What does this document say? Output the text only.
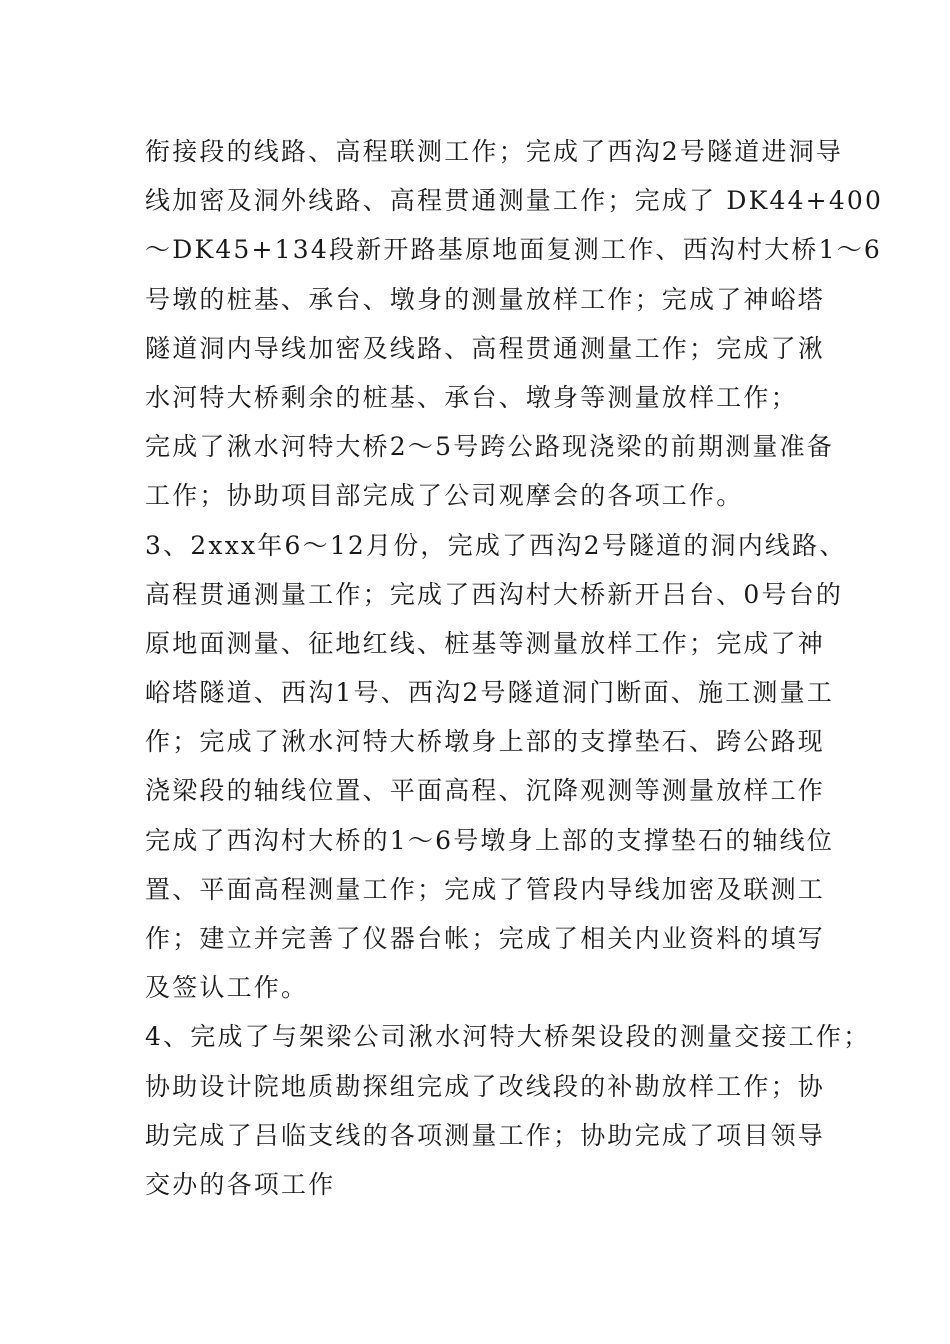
衔接段的线路、高程联测工作；完成了西沟2号隧道进洞导
线加密及洞外线路、高程贯通测量工作；完成了 DK44+400
～DK45+134段新开路基原地面复测工作、西沟村大桥1～6
号墩的桩基、承台、墩身的测量放样工作；完成了神峪塔
隧道洞内导线加密及线路、高程贯通测量工作；完成了湫
水河特大桥剩余的桩基、承台、墩身等测量放样工作；
完成了湫水河特大桥2～5号跨公路现浇梁的前期测量准备
工作；协助项目部完成了公司观摩会的各项工作。
3、2xxx年6～12月份，完成了西沟2号隧道的洞内线路、
高程贯通测量工作；完成了西沟村大桥新开吕台、0号台的
原地面测量、征地红线、桩基等测量放样工作；完成了神
峪塔隧道、西沟1号、西沟2号隧道洞门断面、施工测量工
作；完成了湫水河特大桥墩身上部的支撑垫石、跨公路现
浇梁段的轴线位置、平面高程、沉降观测等测量放样工作
完成了西沟村大桥的1～6号墩身上部的支撑垫石的轴线位
置、平面高程测量工作；完成了管段内导线加密及联测工
作；建立并完善了仪器台帐；完成了相关内业资料的填写
及签认工作。
4、完成了与架梁公司湫水河特大桥架设段的测量交接工作；
协助设计院地质勘探组完成了改线段的补勘放样工作；协
助完成了吕临支线的各项测量工作；协助完成了项目领导
交办的各项工作
